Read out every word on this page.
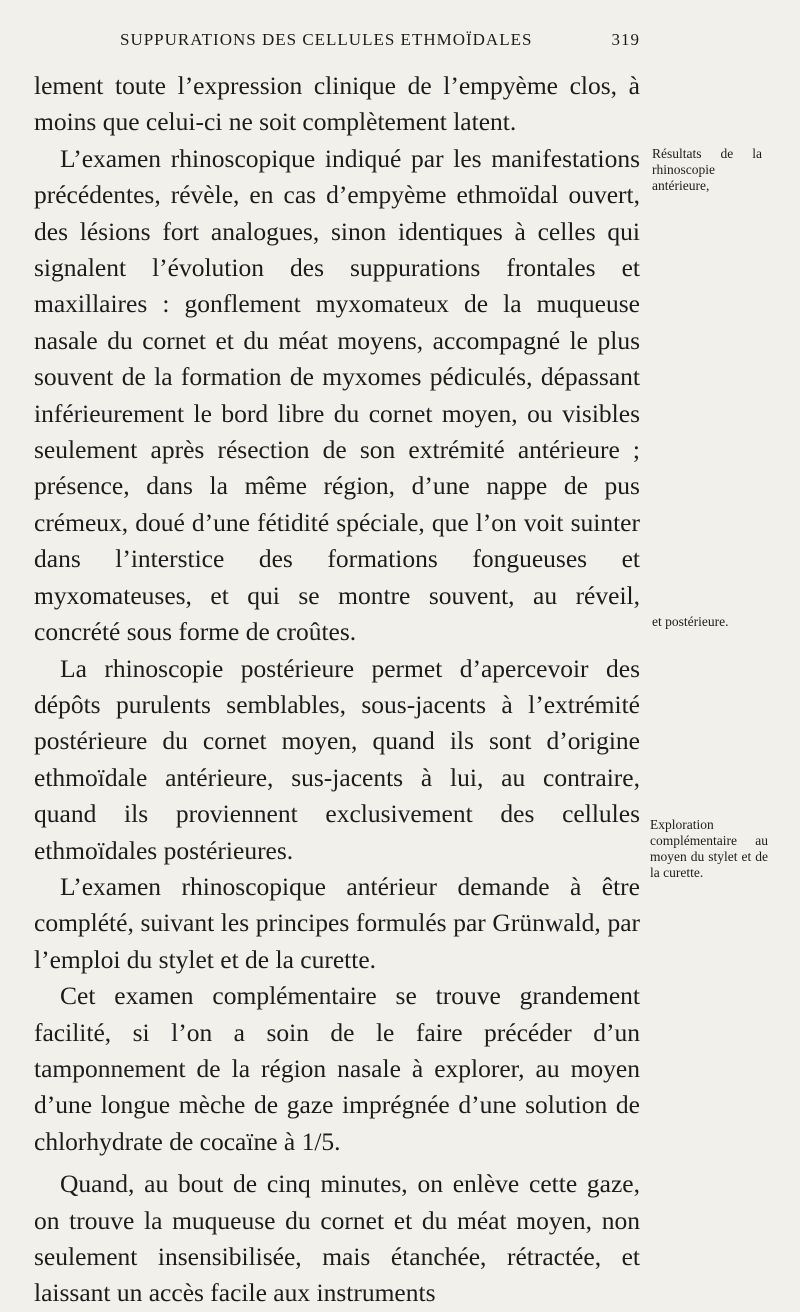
SUPPURATIONS DES CELLULES ETHMOÏDALES	319

lement toute l’expression clinique de l’empyème clos, à moins que celui-ci ne soit complètement latent.

L’examen rhinoscopique indiqué par les manifestations précédentes, révèle, en cas d’empyème ethmoïdal ouvert, des lésions fort analogues, sinon identiques à celles qui signalent l’évolution des suppurations frontales et maxillaires : gonflement myxomateux de la muqueuse nasale du cornet et du méat moyens, accompagné le plus souvent de la formation de myxomes pédiculés, dépassant inférieurement le bord libre du cornet moyen, ou visibles seulement après résection de son extrémité antérieure ; présence, dans la même région, d’une nappe de pus crémeux, doué d’une fétidité spéciale, que l’on voit suinter dans l’interstice des formations fongueuses et myxomateuses, et qui se montre souvent, au réveil, concrété sous forme de croûtes.

La rhinoscopie postérieure permet d’apercevoir des dépôts purulents semblables, sous-jacents à l’extrémité postérieure du cornet moyen, quand ils sont d’origine ethmoïdale antérieure, sus-jacents à lui, au contraire, quand ils proviennent exclusivement des cellules ethmoïdales postérieures.

L’examen rhinoscopique antérieur demande à être complété, suivant les principes formulés par Grünwald, par l’emploi du stylet et de la curette.

Cet examen complémentaire se trouve grandement facilité, si l’on a soin de le faire précéder d’un tamponnement de la région nasale à explorer, au moyen d’une longue mèche de gaze imprégnée d’une solution de chlorhydrate de cocaïne à 1/5.

Quand, au bout de cinq minutes, on enlève cette gaze, on trouve la muqueuse du cornet et du méat moyen, non seulement insensibilisée, mais étanchée, rétractée, et laissant un accès facile aux instruments

Résultats de la rhinoscopie antérieure,
et postérieure.
Exploration
complémentaire au moyen du stylet et de la curette.
